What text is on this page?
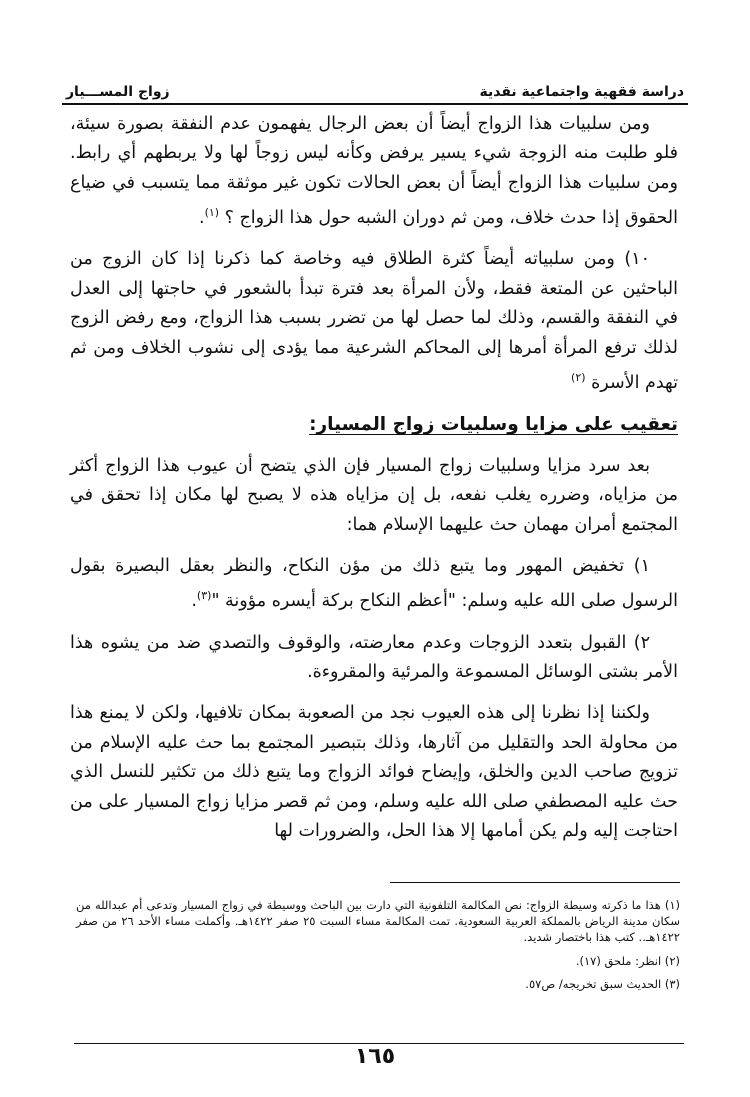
زواج المســـيار	دراسة فقهية واجتماعية نقدية

ومن سلبيات هذا الزواج أيضاً أن بعض الرجال يفهمون عدم النفقة بصورة سيئة، فلو طلبت منه الزوجة شيء يسير يرفض وكأنه ليس زوجاً لها ولا يربطهم أي رابط. ومن سلبيات هذا الزواج أيضاً أن بعض الحالات تكون غير موثقة مما يتسبب في ضياع الحقوق إذا حدث خلاف، ومن ثم دوران الشبه حول هذا الزواج ؟ $^{(١)}$.

١٠) ومن سلبياته أيضاً كثرة الطلاق فيه وخاصة كما ذكرنا إذا كان الزوج من الباحثين عن المتعة فقط، ولأن المرأة بعد فترة تبدأ بالشعور في حاجتها إلى العدل في النفقة والقسم، وذلك لما حصل لها من تضرر بسبب هذا الزواج، ومع رفض الزوج لذلك ترفع المرأة أمرها إلى المحاكم الشرعية مما يؤدى إلى نشوب الخلاف ومن ثم تهدم الأسرة $^{(٢)}$

تعقيب على مزايا وسلبيات زواج المسيار:

بعد سرد مزايا وسلبيات زواج المسيار فإن الذي يتضح أن عيوب هذا الزواج أكثر من مزاياه، وضرره يغلب نفعه، بل إن مزاياه هذه لا يصبح لها مكان إذا تحقق في المجتمع أمران مهمان حث عليهما الإسلام هما:

١) تخفيض المهور وما يتبع ذلك من مؤن النكاح، والنظر بعقل البصيرة بقول الرسول صلى الله عليه وسلم: "أعظم النكاح بركة أيسره مؤونة "$^{(٣)}$.

٢) القبول بتعدد الزوجات وعدم معارضته، والوقوف والتصدي ضد من يشوه هذا الأمر بشتى الوسائل المسموعة والمرئية والمقروءة.

ولكننا إذا نظرنا إلى هذه العيوب نجد من الصعوبة بمكان تلافيها، ولكن لا يمنع هذا من محاولة الحد والتقليل من آثارها، وذلك بتبصير المجتمع بما حث عليه الإسلام من تزويج صاحب الدين والخلق، وإيضاح فوائد الزواج وما يتبع ذلك من تكثير للنسل الذي حث عليه المصطفي صلى الله عليه وسلم، ومن ثم قصر مزايا زواج المسيار على من احتاجت إليه ولم يكن أمامها إلا هذا الحل، والضرورات لها

(١) هذا ما ذكرته وسيطة الزواج: نص المكالمة التلفونية التي دارت بين الباحث ووسيطة في زواج المسيار وتدعى أم عبدالله من سكان مدينة الرياض بالمملكة العربية السعودية. تمت المكالمة مساء السبت ٢٥ صفر ١٤٢٢هـ. وأكملت مساء الأحد ٢٦ من صفر ١٤٢٢هـ.. كتب هذا باختصار شديد.

(٢) انظر: ملحق (١٧).

(٣) الحديث سبق تخريجه/ ص٥٧.

١٦٥
